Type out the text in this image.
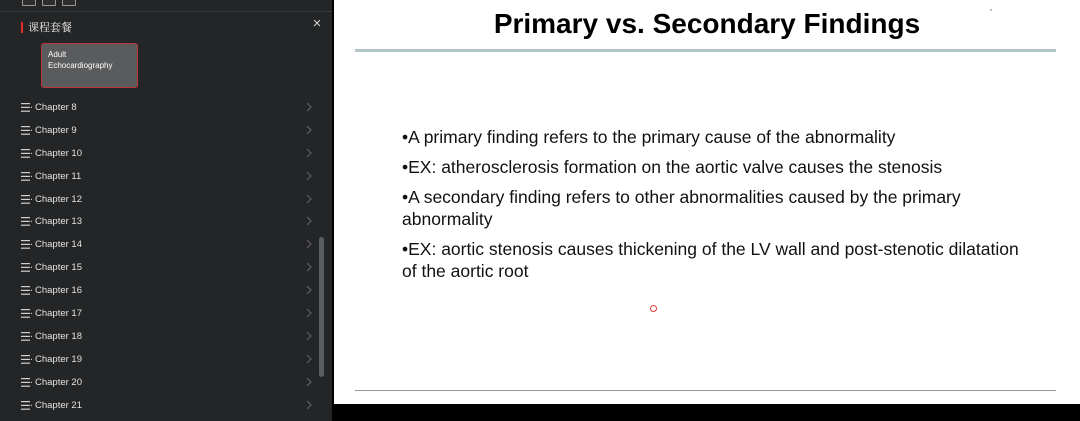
课程套餐	×
Adult
Echocardiography
Chapter 8
Chapter 9
Chapter 10
Chapter 11
Chapter 12
Chapter 13
Chapter 14
Chapter 15
Chapter 16
Chapter 17
Chapter 18
Chapter 19
Chapter 20
Chapter 21
Primary vs. Secondary Findings
•A primary finding refers to the primary cause of the abnormality
•EX: atherosclerosis formation on the aortic valve causes the stenosis
•A secondary finding refers to other abnormalities caused by the primary abnormality
•EX: aortic stenosis causes thickening of the LV wall and post-stenotic dilatation of the aortic root
